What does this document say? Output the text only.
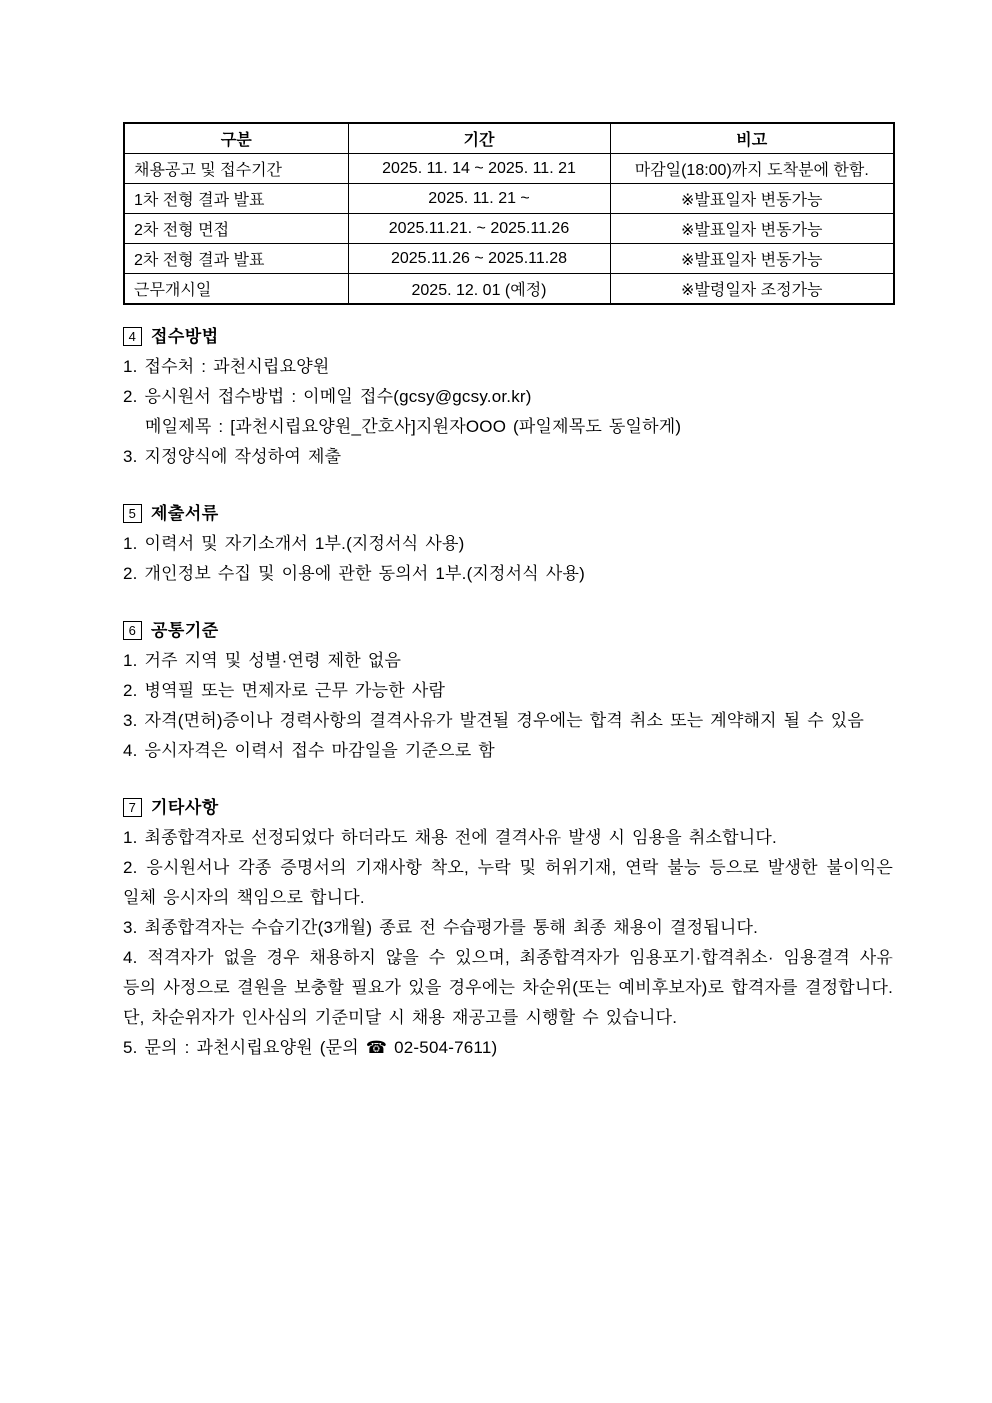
구분	기간	비고
채용공고 및 접수기간	2025. 11. 14 ~ 2025. 11. 21	마감일(18:00)까지 도착분에 한함.
1차 전형 결과 발표	2025. 11. 21 ~	※발표일자 변동가능
2차 전형 면접	2025.11.21. ~ 2025.11.26	※발표일자 변동가능
2차 전형 결과 발표	2025.11.26 ~ 2025.11.28	※발표일자 변동가능
근무개시일	2025. 12. 01 (예정)	※발령일자 조정가능
4 접수방법

1. 접수처 : 과천시립요양원

2. 응시원서 접수방법 : 이메일 접수(gcsy@gcsy.or.kr)

메일제목 : [과천시립요양원_간호사]지원자OOO (파일제목도 동일하게)

3. 지정양식에 작성하여 제출

5 제출서류

1. 이력서 및 자기소개서 1부.(지정서식 사용)

2. 개인정보 수집 및 이용에 관한 동의서 1부.(지정서식 사용)

6 공통기준

1. 거주 지역 및 성별·연령 제한 없음

2. 병역필 또는 면제자로 근무 가능한 사람

3. 자격(면허)증이나 경력사항의 결격사유가 발견될 경우에는 합격 취소 또는 계약해지 될 수 있음

4. 응시자격은 이력서 접수 마감일을 기준으로 함

7 기타사항

1. 최종합격자로 선정되었다 하더라도 채용 전에 결격사유 발생 시 임용을 취소합니다.

2. 응시원서나 각종 증명서의 기재사항 착오, 누락 및 허위기재, 연락 불능 등으로 발생한 불이익은 일체 응시자의 책임으로 합니다.

3. 최종합격자는 수습기간(3개월) 종료 전 수습평가를 통해 최종 채용이 결정됩니다.

4. 적격자가 없을 경우 채용하지 않을 수 있으며, 최종합격자가 임용포기·합격취소· 임용결격 사유 등의 사정으로 결원을 보충할 필요가 있을 경우에는 차순위(또는 예비후보자)로 합격자를 결정합니다. 단, 차순위자가 인사심의 기준미달 시 채용 재공고를 시행할 수 있습니다.

5. 문의 : 과천시립요양원 (문의 ☎ 02-504-7611)
